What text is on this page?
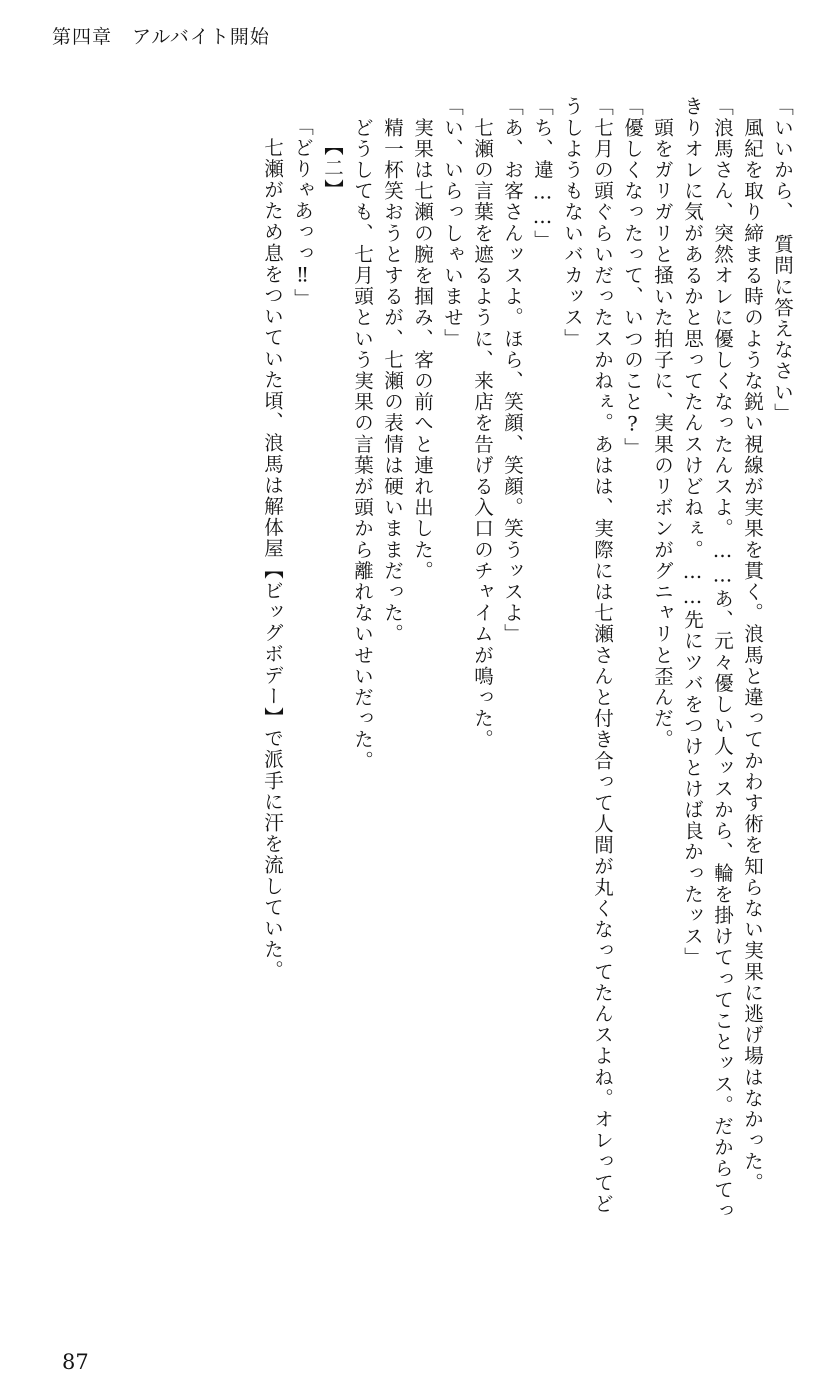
第四章　アルバイト開始
「いいから、　質問に答えなさい」
　風紀を取り締まる時のような鋭い視線が実果を貫く。浪馬と違ってかわす術を知らない実果に逃げ場はなかった。
「浪馬さん、突然オレに優しくなったんスよ。……あ、元々優しい人ッスから、輪を掛けてってことッス。だからてっ
きりオレに気があるかと思ってたんスけどねぇ。……先にツバをつけとけば良かったッス」
　頭をガリガリと掻いた拍子に、実果のリボンがグニャリと歪んだ。
「優しくなったって、いつのこと?」
「七月の頭ぐらいだったスかねぇ。あはは、実際には七瀬さんと付き合って人間が丸くなってたんスよね。オレってど
うしようもないバカッス」
「ち、違……」
「あ、お客さんッスよ。ほら、笑顔、笑顔。笑うッスよ」
　七瀬の言葉を遮るように、来店を告げる入口のチャイムが鳴った。
「い、いらっしゃいませ」
　実果は七瀬の腕を掴み、客の前へと連れ出した。
　精一杯笑おうとするが、七瀬の表情は硬いままだった。
　どうしても、七月頭という実果の言葉が頭から離れないせいだった。
【二】
「どりゃあっっ‼」
　七瀬がため息をついていた頃、浪馬は解体屋【ビッグボデー】で派手に汗を流していた。
87
